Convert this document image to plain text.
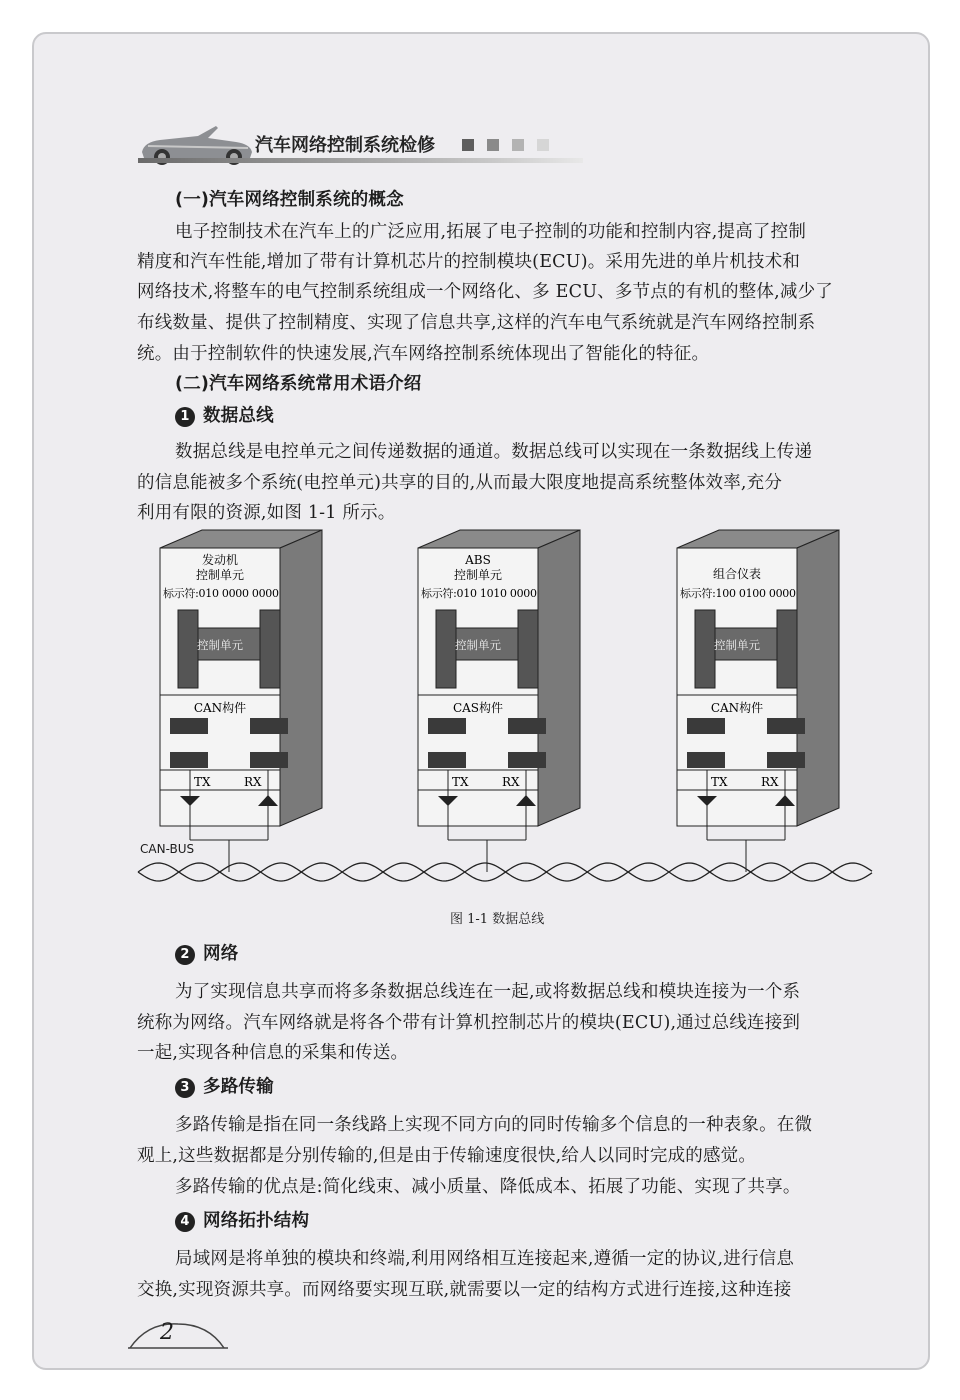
汽车网络控制系统检修
(一)汽车网络控制系统的概念
电子控制技术在汽车上的广泛应用,拓展了电子控制的功能和控制内容,提高了控制
精度和汽车性能,增加了带有计算机芯片的控制模块(ECU)。采用先进的单片机技术和
网络技术,将整车的电气控制系统组成一个网络化、多 ECU、多节点的有机的整体,减少了
布线数量、提供了控制精度、实现了信息共享,这样的汽车电气系统就是汽车网络控制系
统。由于控制软件的快速发展,汽车网络控制系统体现出了智能化的特征。
(二)汽车网络系统常用术语介绍
1 数据总线
数据总线是电控单元之间传递数据的通道。数据总线可以实现在一条数据线上传递
的信息能被多个系统(电控单元)共享的目的,从而最大限度地提高系统整体效率,充分
利用有限的资源,如图 1-1 所示。
发动机
控制单元
标示符:010 0000 0000
控制单元
CAN构件
TX	RX
ABS
控制单元
标示符:010 1010 0000
控制单元
CAS构件
TX	RX
组合仪表
标示符:100 0100 0000
控制单元
CAN构件
TX	RX
CAN-BUS
图 1-1 数据总线
2 网络
为了实现信息共享而将多条数据总线连在一起,或将数据总线和模块连接为一个系
统称为网络。汽车网络就是将各个带有计算机控制芯片的模块(ECU),通过总线连接到
一起,实现各种信息的采集和传送。
3 多路传输
多路传输是指在同一条线路上实现不同方向的同时传输多个信息的一种表象。在微
观上,这些数据都是分别传输的,但是由于传输速度很快,给人以同时完成的感觉。
多路传输的优点是:简化线束、减小质量、降低成本、拓展了功能、实现了共享。
4 网络拓扑结构
局域网是将单独的模块和终端,利用网络相互连接起来,遵循一定的协议,进行信息
交换,实现资源共享。而网络要实现互联,就需要以一定的结构方式进行连接,这种连接
2
